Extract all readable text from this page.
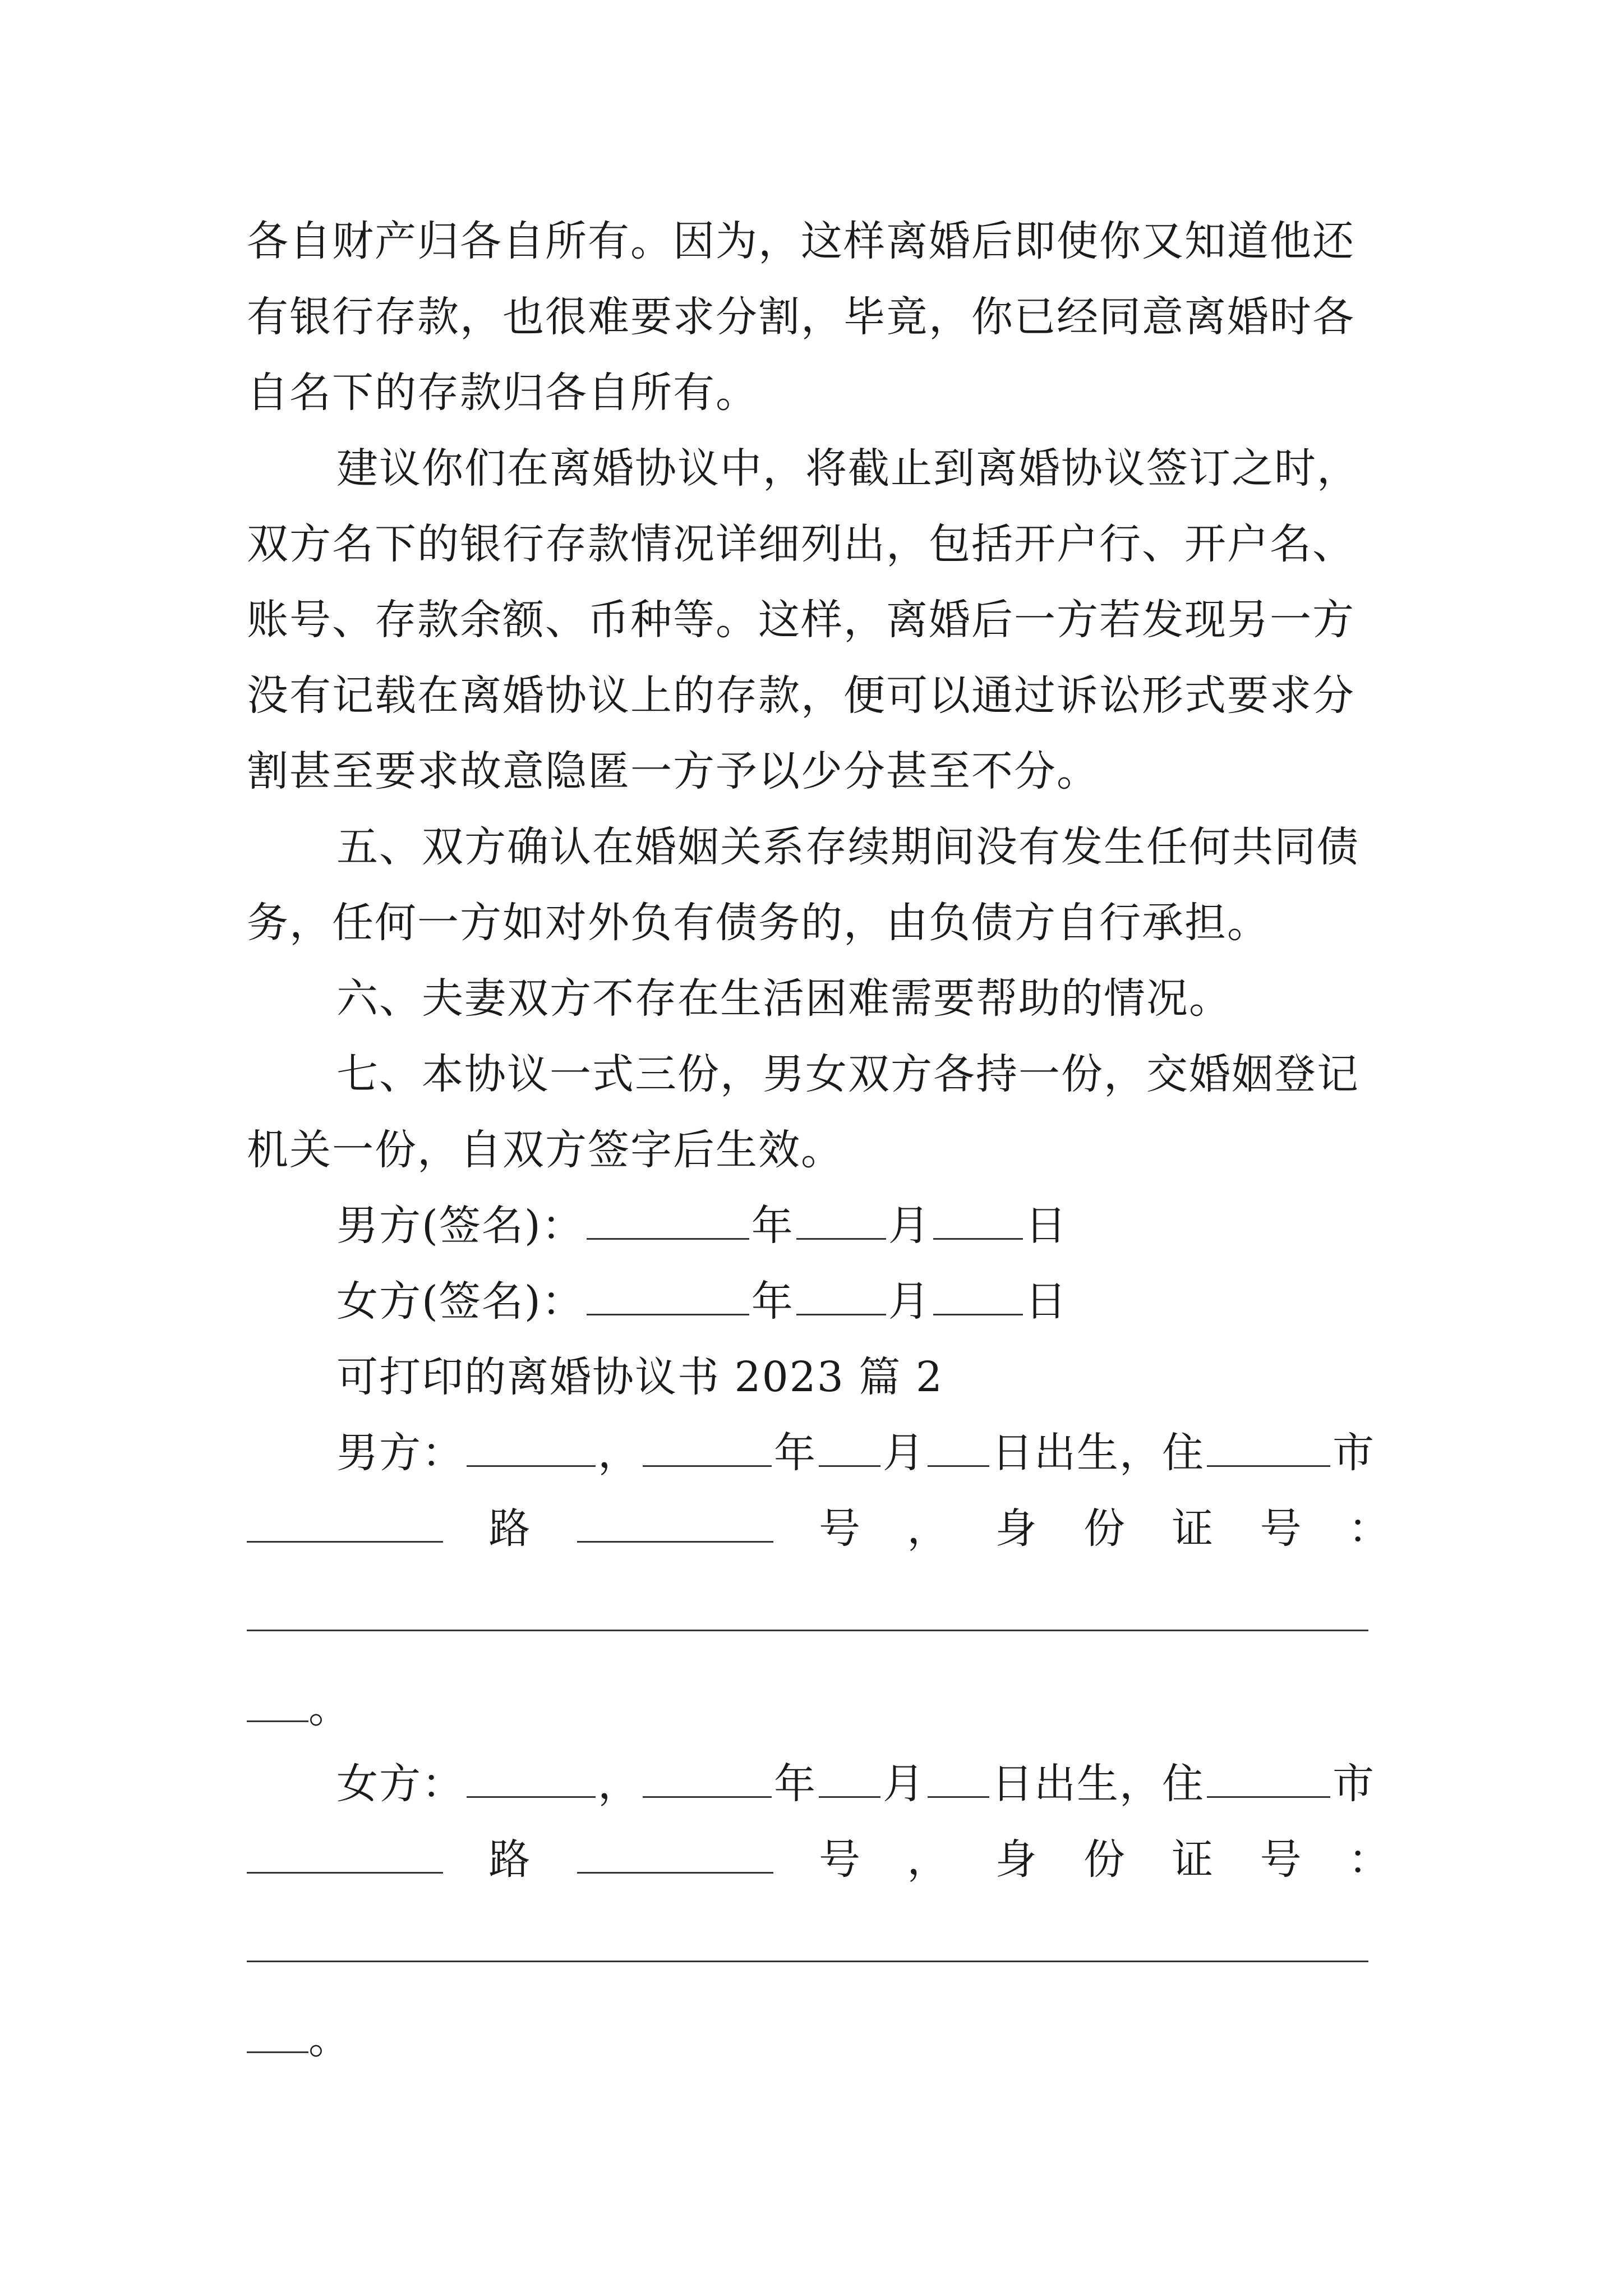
各自财产归各自所有。因为，这样离婚后即使你又知道他还
有银行存款，也很难要求分割，毕竟，你已经同意离婚时各
自名下的存款归各自所有。
建议你们在离婚协议中，将截止到离婚协议签订之时，
双方名下的银行存款情况详细列出，包括开户行、开户名、
账号、存款余额、币种等。这样，离婚后一方若发现另一方
没有记载在离婚协议上的存款，便可以通过诉讼形式要求分
割甚至要求故意隐匿一方予以少分甚至不分。
五、双方确认在婚姻关系存续期间没有发生任何共同债
务，任何一方如对外负有债务的，由负债方自行承担。
六、夫妻双方不存在生活困难需要帮助的情况。
七、本协议一式三份，男女双方各持一份，交婚姻登记
机关一份，自双方签字后生效。
男方(签名)：	年 月 日
女方(签名)：	年 月 日
可打印的离婚协议书 2023 篇 2
男方：	，	年 月 日出生，住	市
路	号 ， 身 份 证 号 ：
。
女方：	，	年 月 日出生，住	市
路	号 ， 身 份 证 号 ：
。
